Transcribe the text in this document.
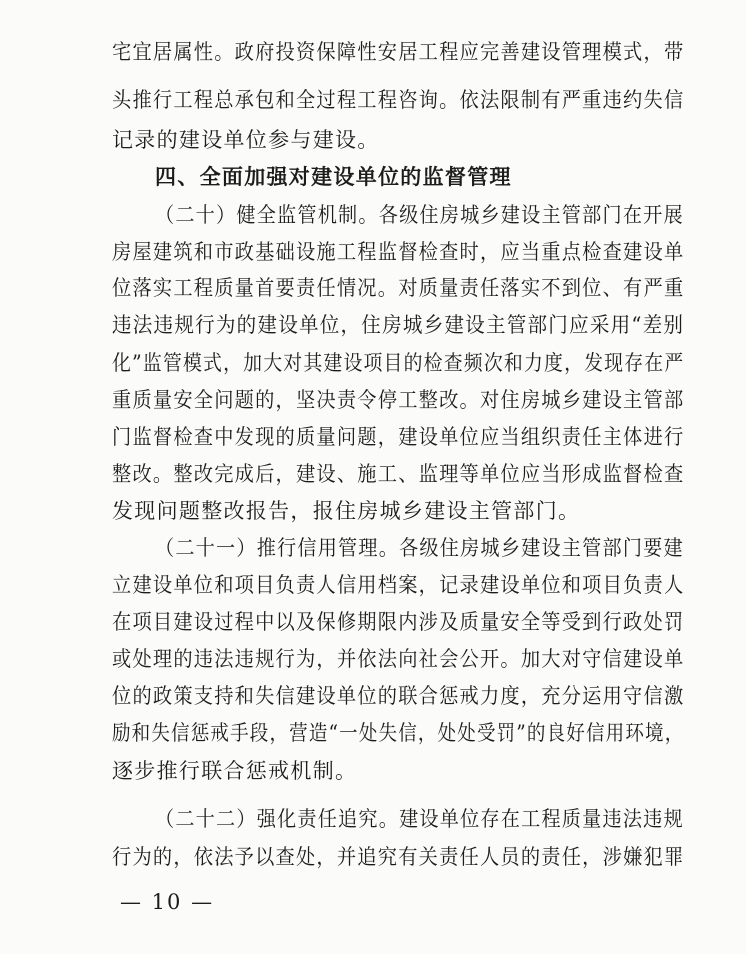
宅宜居属性。政府投资保障性安居工程应完善建设管理模式，带
头推行工程总承包和全过程工程咨询。依法限制有严重违约失信
记录的建设单位参与建设。
四、全面加强对建设单位的监督管理
（二十）健全监管机制。各级住房城乡建设主管部门在开展
房屋建筑和市政基础设施工程监督检查时，应当重点检查建设单
位落实工程质量首要责任情况。对质量责任落实不到位、有严重
违法违规行为的建设单位，住房城乡建设主管部门应采用“差别
化”监管模式，加大对其建设项目的检查频次和力度，发现存在严
重质量安全问题的，坚决责令停工整改。对住房城乡建设主管部
门监督检查中发现的质量问题，建设单位应当组织责任主体进行
整改。整改完成后，建设、施工、监理等单位应当形成监督检查
发现问题整改报告，报住房城乡建设主管部门。
（二十一）推行信用管理。各级住房城乡建设主管部门要建
立建设单位和项目负责人信用档案，记录建设单位和项目负责人
在项目建设过程中以及保修期限内涉及质量安全等受到行政处罚
或处理的违法违规行为，并依法向社会公开。加大对守信建设单
位的政策支持和失信建设单位的联合惩戒力度，充分运用守信激
励和失信惩戒手段，营造“一处失信，处处受罚”的良好信用环境，
逐步推行联合惩戒机制。
（二十二）强化责任追究。建设单位存在工程质量违法违规
行为的，依法予以查处，并追究有关责任人员的责任，涉嫌犯罪
— 10 —
